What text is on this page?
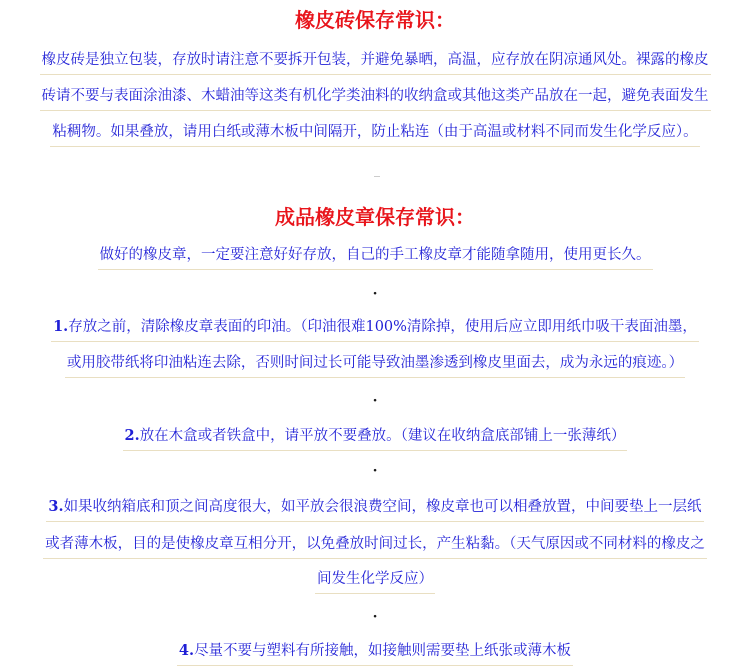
橡皮砖保存常识：
橡皮砖是独立包装，存放时请注意不要拆开包装，并避免暴晒，高温，应存放在阴凉通风处。裸露的橡皮
砖请不要与表面涂油漆、木蜡油等这类有机化学类油料的收纳盒或其他这类产品放在一起，避免表面发生
粘稠物。如果叠放，请用白纸或薄木板中间隔开，防止粘连（由于高温或材料不同而发生化学反应）。
成品橡皮章保存常识：
做好的橡皮章，一定要注意好好存放，自己的手工橡皮章才能随拿随用，使用更长久。
·
1.存放之前，清除橡皮章表面的印油。（印油很难100%清除掉，使用后应立即用纸巾吸干表面油墨，
或用胶带纸将印油粘连去除，否则时间过长可能导致油墨渗透到橡皮里面去，成为永远的痕迹。）
·
2.放在木盒或者铁盒中，请平放不要叠放。（建议在收纳盒底部铺上一张薄纸）
·
3.如果收纳箱底和顶之间高度很大，如平放会很浪费空间，橡皮章也可以相叠放置，中间要垫上一层纸
或者薄木板，目的是使橡皮章互相分开，以免叠放时间过长，产生粘黏。（天气原因或不同材料的橡皮之
间发生化学反应）
·
4.尽量不要与塑料有所接触，如接触则需要垫上纸张或薄木板
